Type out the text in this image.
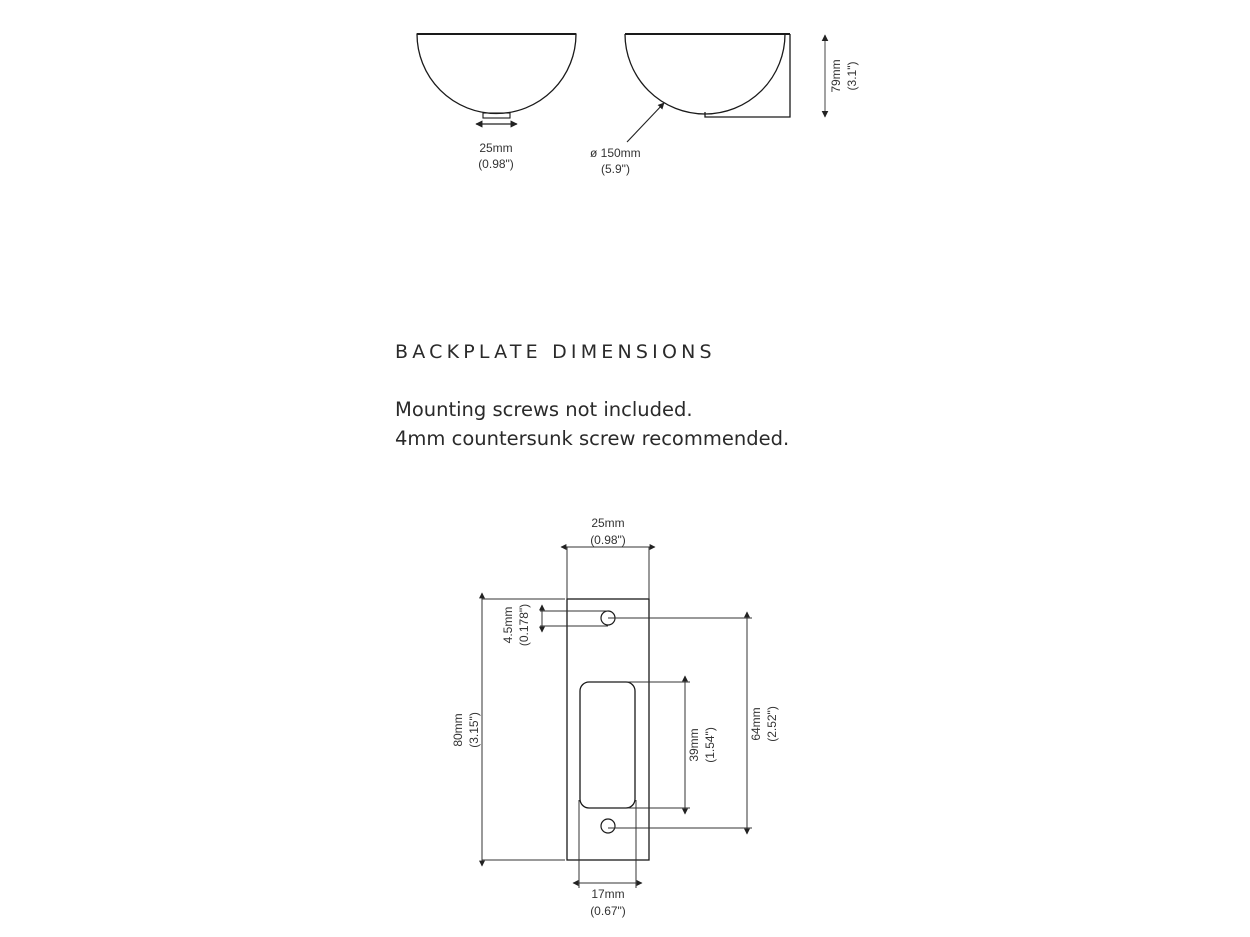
25mm
(0.98")
ø 150mm
(5.9")
79mm (3.1")
25mm
(0.98")
80mm (3.15")
4.5mm (0.178")
39mm (1.54")
64mm (2.52")
17mm
(0.67")
BACKPLATE DIMENSIONS

Mounting screws not included.

4mm countersunk screw recommended.
